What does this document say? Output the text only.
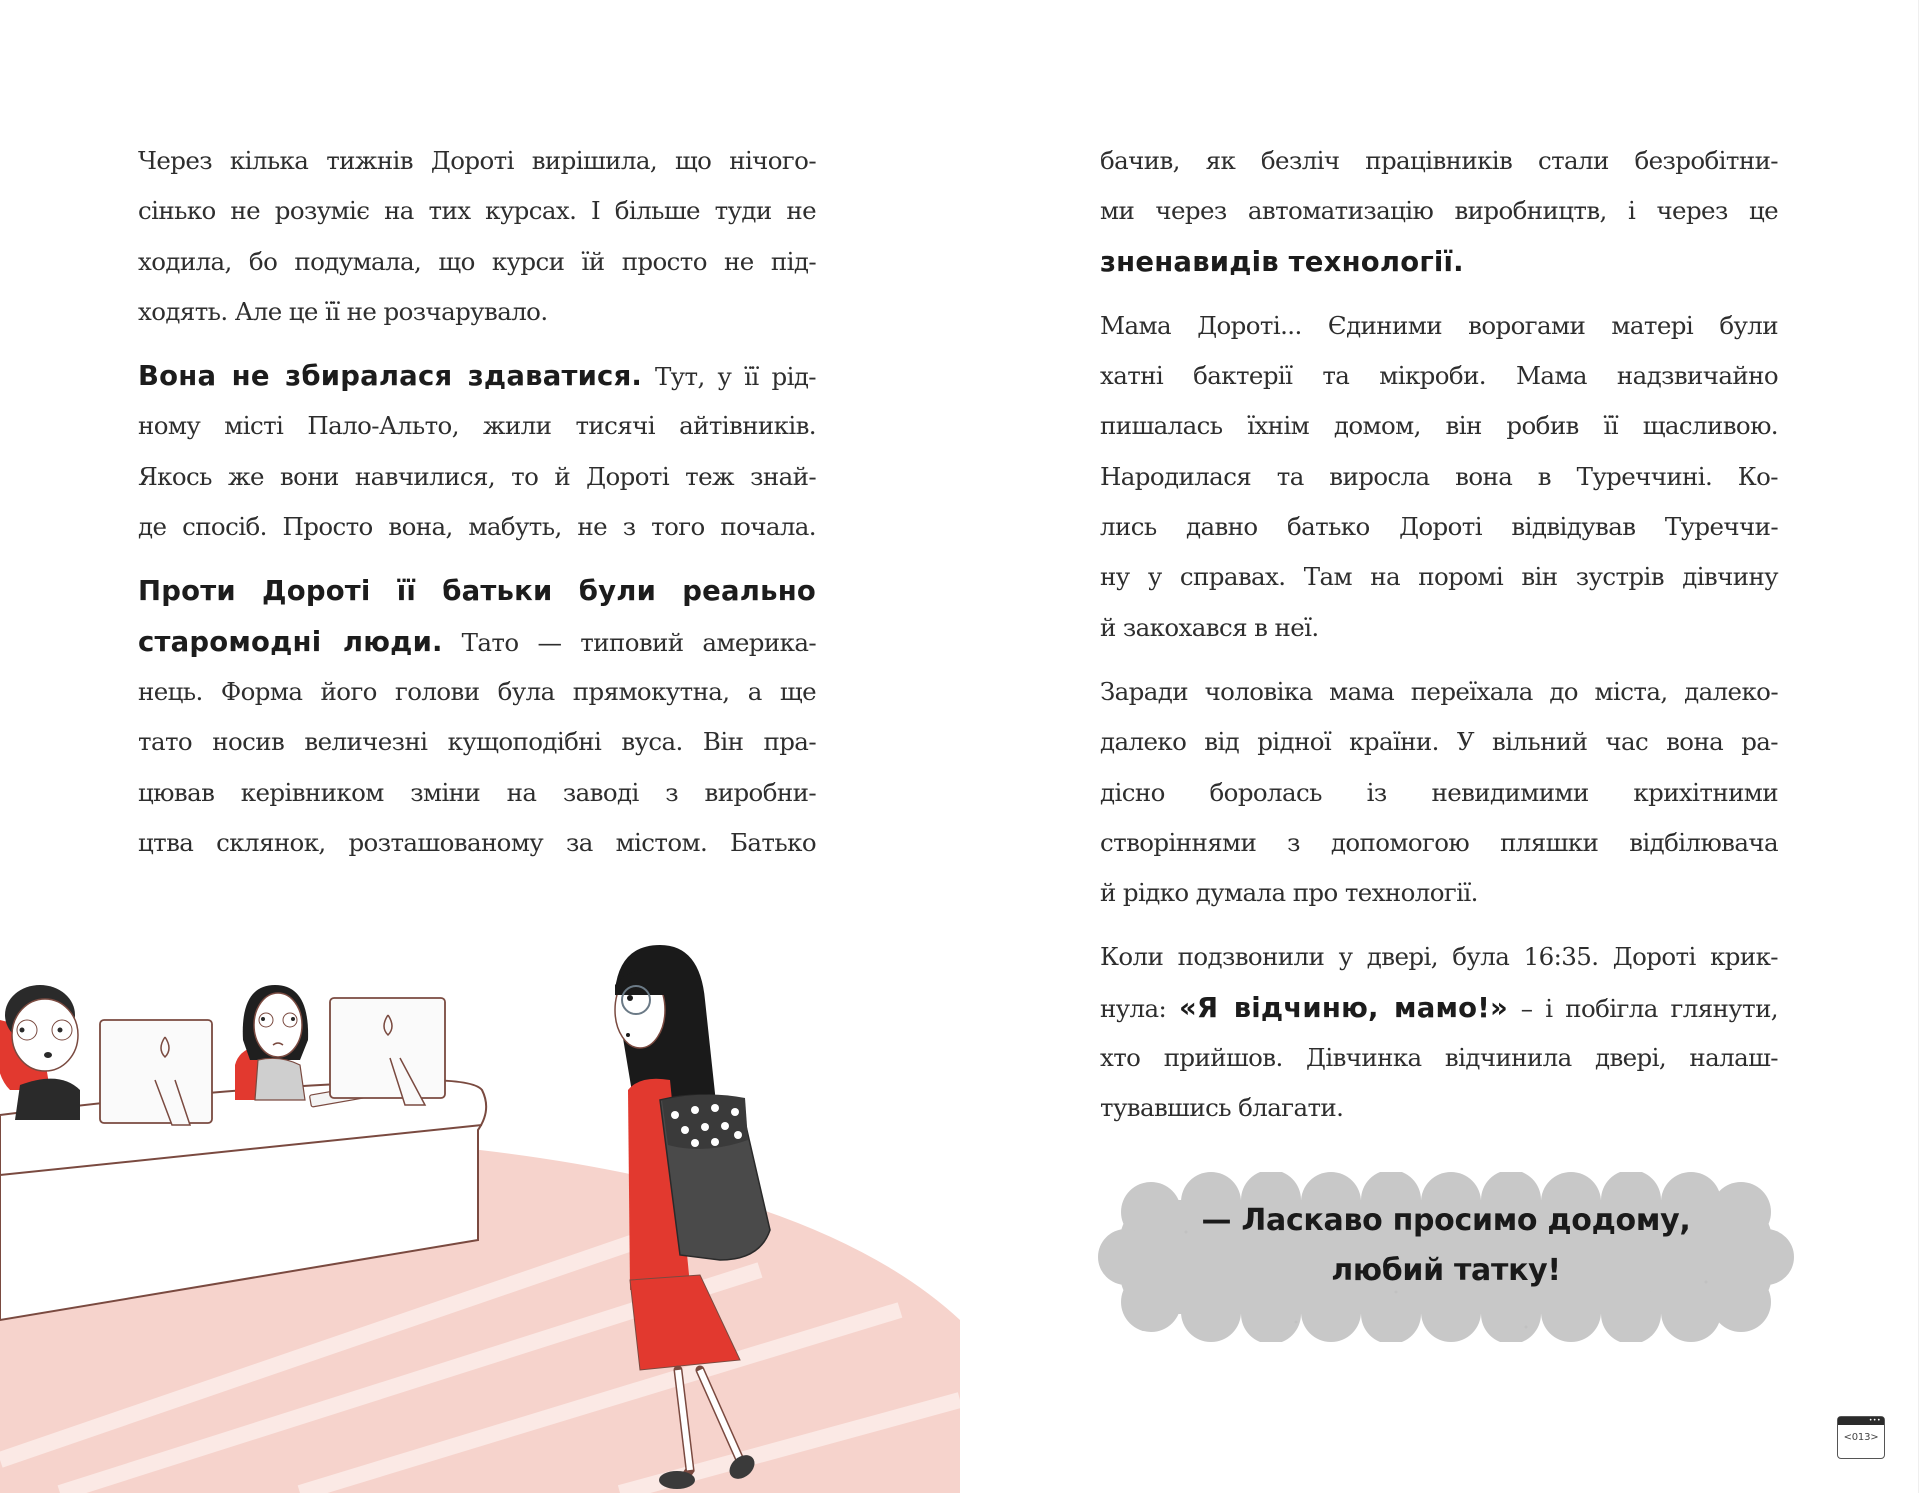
Через кілька тижнів Дороті вирішила, що нічого-
сінько не розуміє на тих курсах. І більше туди не
ходила, бо подумала, що курси їй просто не під-
ходять. Але це її не розчарувало.
Вона не збиралася здаватися. Тут, у її рід-
ному місті Пало-Альто, жили тисячі айтівників.
Якось же вони навчилися, то й Дороті теж знай-
де спосіб. Просто вона, мабуть, не з того почала.
Проти Дороті її батьки були реально
старомодні люди. Тато — типовий америка-
нець. Форма його голови була прямокутна, а ще
тато носив величезні кущоподібні вуса. Він пра-
цював керівником зміни на заводі з виробни-
цтва склянок, розташованому за містом. Батько
бачив, як безліч працівників стали безробітни-
ми через автоматизацію виробництв, і через це
зненавидів технології.
Мама Дороті... Єдиними ворогами матері були
хатні бактерії та мікроби. Мама надзвичайно
пишалась їхнім домом, він робив її щасливою.
Народилася та виросла вона в Туреччині. Ко-
лись давно батько Дороті відвідував Туреччи-
ну у справах. Там на поромі він зустрів дівчину
й закохався в неї.
Заради чоловіка мама переїхала до міста, далеко-
далеко від рідної країни. У вільний час вона ра-
дісно боролась із невидимими крихітними
створіннями з допомогою пляшки відбілювача
й рідко думала про технології.
Коли подзвонили у двері, була 16:35. Дороті крик-
нула: «Я відчиню, мамо!» – і побігла глянути,
хто прийшов. Дівчинка відчинила двері, налаш-
тувавшись благати.
— Ласкаво просимо додому,
любий татку!
•••
<013>
